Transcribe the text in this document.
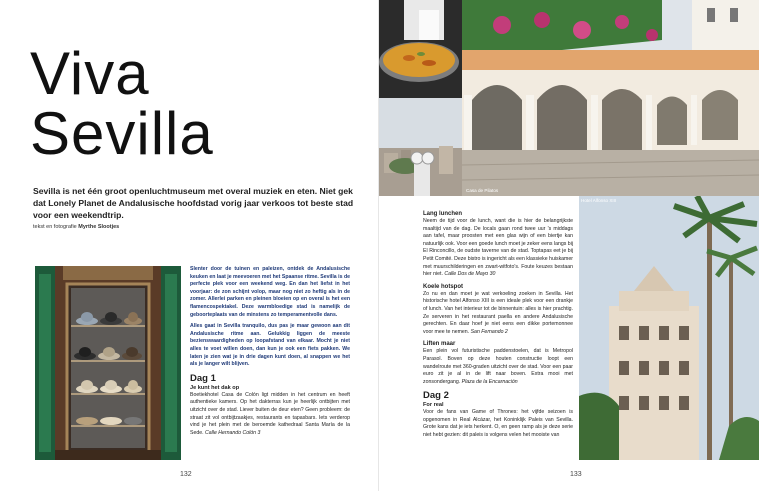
Viva
Sevilla
Sevilla is net één groot openluchtmuseum met overal muziek en eten. Niet gek dat Lonely Planet de Andalusische hoofdstad vorig jaar verkoos tot beste stad voor een weekendtrip.
tekst en fotografie Myrthe Slootjes

Slenter door de tuinen en paleizen, ontdek de Andalusische keuken en laat je meevoeren met het Spaanse ritme. Sevilla is de perfecte plek voor een weekend weg. En dan het liefst in het voorjaar: de zon schijnt volop, maar nog niet zo heftig als in de zomer. Allerlei parken en pleinen bloeien op en overal is het een flamencospektakel. Deze warmbloedige stad is namelijk de geboorteplaats van de minstens zo temperamentvolle dans.

Alles gaat in Sevilla tranquilo, dus pas je maar gewoon aan dit Andalusische ritme aan. Gelukkig liggen de meeste bezienswaardigheden op loopafstand van elkaar. Mocht je niet alles te voet willen doen, dan kun je ook een fiets pakken. We laten je zien wat je in drie dagen kunt doen, al snappen we het als je langer wilt blijven.

Dag 1
Je kunt het dak op

Boetiekhotel Casa de Colón ligt midden in het centrum en heeft authentieke kamers. Op het dakterras kun je heerlijk ontbijten met uitzicht over de stad. Liever buiten de deur eten? Geen probleem: de straat zit vol ontbijtzaakjes, restaurants en tapasbars. Iets verderop vind je het plein met de beroemde kathedraal Santa María de la Sede. Calle Hernando Colón 3

132
Casa de Pilatos
Hotel Alfonso XIII
Lang lunchen

Neem de tijd voor de lunch, want die is hier de belangrijkste maaltijd van de dag. De locals gaan rond twee uur 's middags aan tafel, maar proosten met een glas wijn of een biertje kan natuurlijk ook. Voor een goede lunch moet je zeker eens langs bij El Rinconcillo, de oudste taverne van de stad. Toptapas eet je bij Petit Comité. Deze bistro is ingericht als een klassieke huiskamer met muurschilderingen en zwart-witfoto's. Foute keuzes bestaan hier niet. Calle Dos de Mayo 30

Koele hotspot

Zo nu en dan moet je wat verkoeling zoeken in Sevilla. Het historische hotel Alfonso XIII is een ideale plek voor een drankje of lunch. Van het interieur tot de binnentuin: alles is hier prachtig. Ze serveren in het restaurant paella en andere Andalusische gerechten. En daar hoef je niet eens een dikke portemonnee voor mee te nemen. San Fernando 2

Liften maar

Een plein vol futuristische paddenstoelen, dat is Metropol Parasol. Boven op deze houten constructie loopt een wandelroute met 360-graden uitzicht over de stad. Voor een paar euro zit je al in de lift naar boven. Extra mooi met zonsondergang. Plaza de la Encarnación

Dag 2
For real

Voor de fans van Game of Thrones: het vijfde seizoen is opgenomen in Real Alcázar, het Koninklijk Paleis van Sevilla. Grote kans dat je iets herkent. O, en geen ramp als je deze serie niet hebt gezien: dit paleis is volgens velen het mooiste van

133
